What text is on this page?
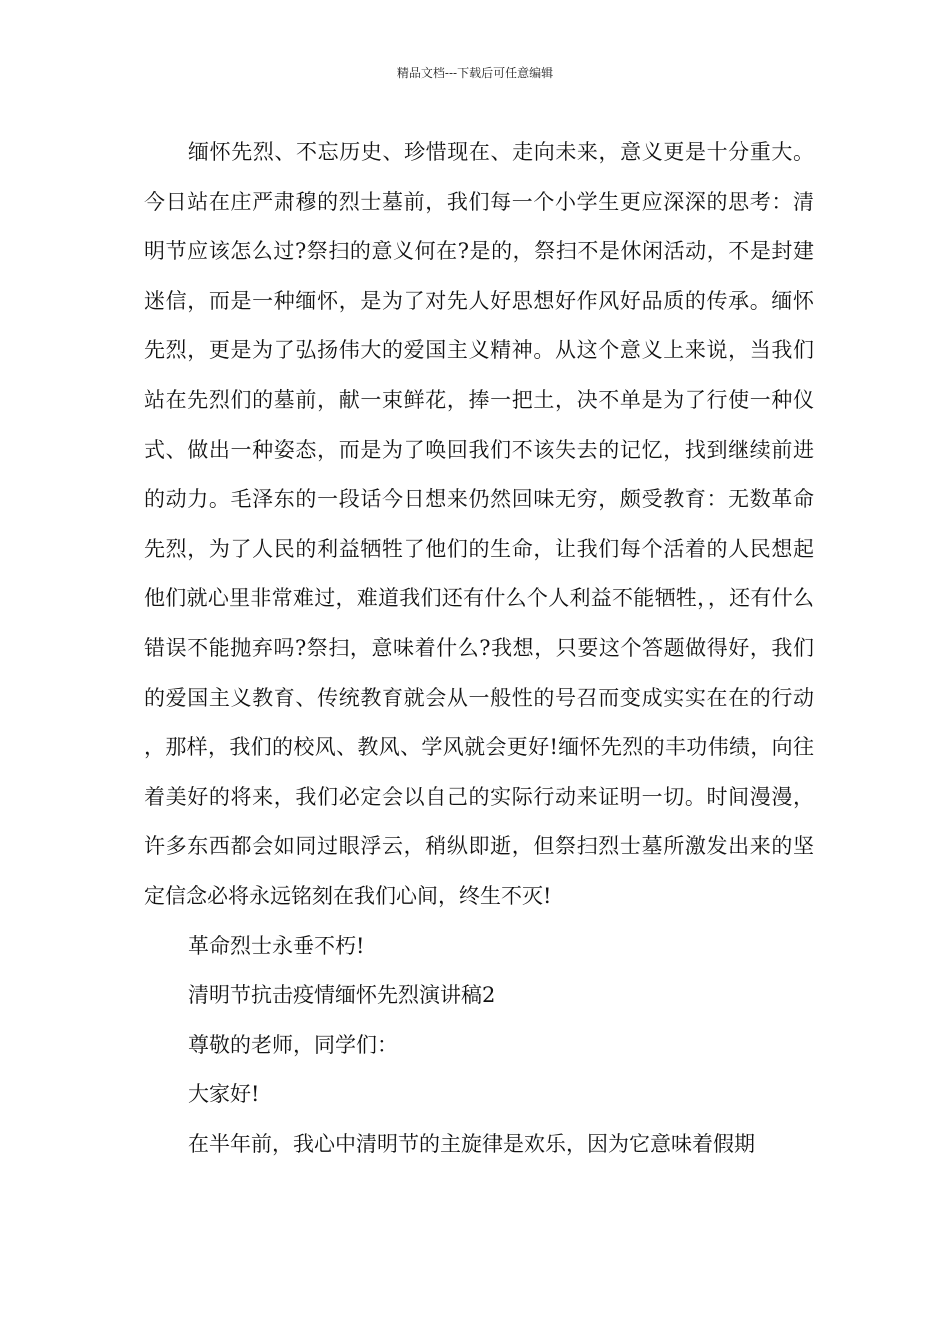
精品文档---下载后可任意编辑

缅怀先烈、不忘历史、珍惜现在、走向未来，意义更是十分重大。今日站在庄严肃穆的烈士墓前，我们每一个小学生更应深深的思考：清明节应该怎么过?祭扫的意义何在?是的，祭扫不是休闲活动，不是封建迷信，而是一种缅怀，是为了对先人好思想好作风好品质的传承。缅怀先烈，更是为了弘扬伟大的爱国主义精神。从这个意义上来说，当我们站在先烈们的墓前，献一束鲜花，捧一把土，决不单是为了行使一种仪式、做出一种姿态，而是为了唤回我们不该失去的记忆，找到继续前进的动力。毛泽东的一段话今日想来仍然回味无穷，颇受教育：无数革命先烈，为了人民的利益牺牲了他们的生命，让我们每个活着的人民想起他们就心里非常难过，难道我们还有什么个人利益不能牺牲，，还有什么错误不能抛弃吗?祭扫，意味着什么?我想，只要这个答题做得好，我们的爱国主义教育、传统教育就会从一般性的号召而变成实实在在的行动，那样，我们的校风、教风、学风就会更好!缅怀先烈的丰功伟绩，向往着美好的将来，我们必定会以自己的实际行动来证明一切。时间漫漫，许多东西都会如同过眼浮云，稍纵即逝，但祭扫烈士墓所激发出来的坚定信念必将永远铭刻在我们心间，终生不灭!

革命烈士永垂不朽!

清明节抗击疫情缅怀先烈演讲稿2

尊敬的老师，同学们：

大家好!

在半年前，我心中清明节的主旋律是欢乐，因为它意味着假期
